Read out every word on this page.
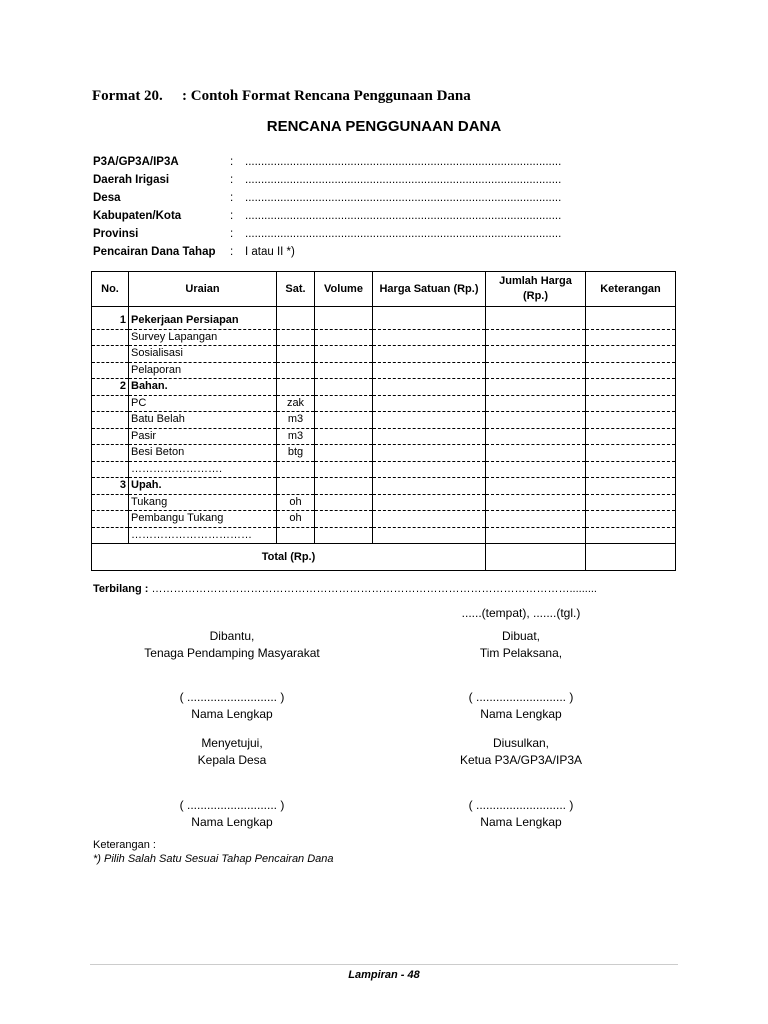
Format 20. : Contoh Format Rencana Penggunaan Dana
RENCANA PENGGUNAAN DANA
P3A/GP3A/IP3A	: ...................................................................................................
Daerah Irigasi	: ...................................................................................................
Desa	: ...................................................................................................
Kabupaten/Kota	: ...................................................................................................
Provinsi	: ...................................................................................................
Pencairan Dana Tahap : I atau II *)
No.	Uraian	Sat.	Volume	Harga Satuan (Rp.)	Jumlah Harga (Rp.)	Keterangan
1	Pekerjaan Persiapan					
	Survey Lapangan					
	Sosialisasi					
	Pelaporan					
2	Bahan.					
	PC	zak				
	Batu Belah	m3				
	Pasir	m3				
	Besi Beton	btg				
	…………………….					
3	Upah.					
	Tukang	oh				
	Pembangu Tukang	oh				
	……………………………					
Total (Rp.)						
Terbilang : …………………………………………………………………………………………………….........
......(tempat), .......(tgl.)
Dibantu,
Tenaga Pendamping Masyarakat
Dibuat,
Tim Pelaksana,
( ........................... )
Nama Lengkap
( ........................... )
Nama Lengkap
Menyetujui,
Kepala Desa
Diusulkan,
Ketua P3A/GP3A/IP3A
( ........................... )
Nama Lengkap
( ........................... )
Nama Lengkap
Keterangan :
*) Pilih Salah Satu Sesuai Tahap Pencairan Dana
Lampiran - 48
